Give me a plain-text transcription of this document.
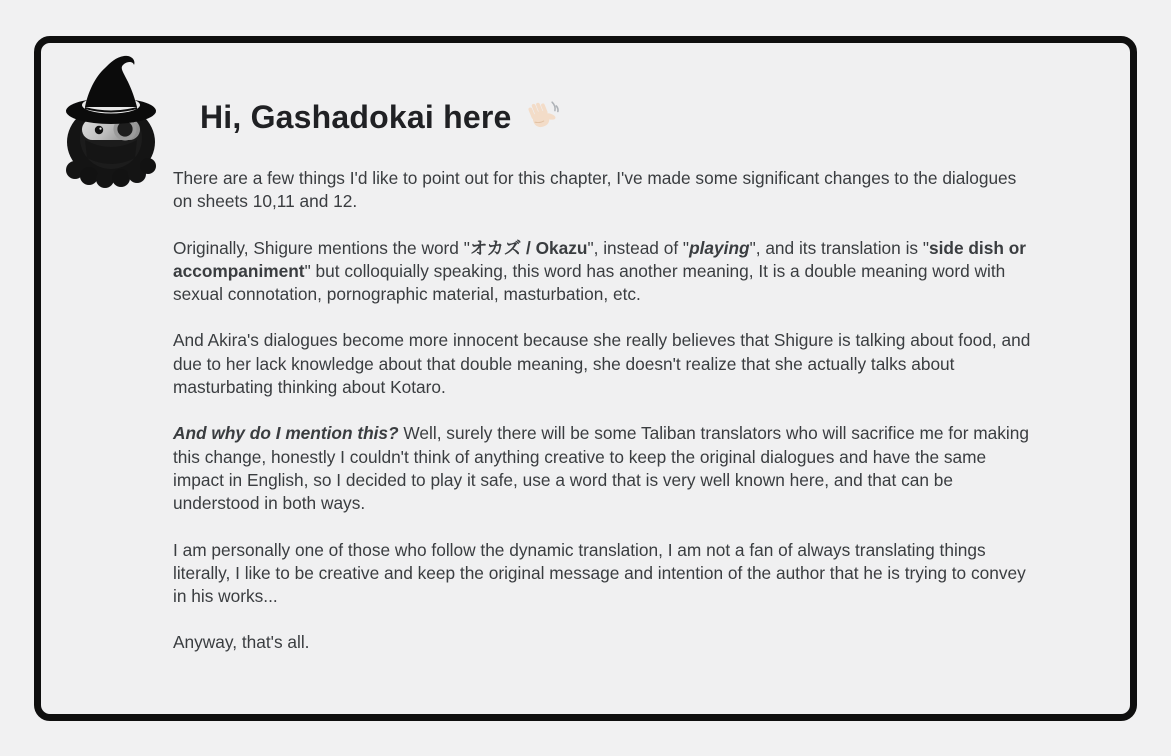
Hi, Gashadokai here

There are a few things I'd like to point out for this chapter, I've made some significant changes to the dialogues on sheets 10,11 and 12.

Originally, Shigure mentions the word "オカズ / Okazu", instead of "playing", and its translation is "side dish or accompaniment" but colloquially speaking, this word has another meaning, It is a double meaning word with sexual connotation, pornographic material, masturbation, etc.

And Akira's dialogues become more innocent because she really believes that Shigure is talking about food, and due to her lack knowledge about that double meaning, she doesn't realize that she actually talks about masturbating thinking about Kotaro.

And why do I mention this? Well, surely there will be some Taliban translators who will sacrifice me for making this change, honestly I couldn't think of anything creative to keep the original dialogues and have the same impact in English, so I decided to play it safe, use a word that is very well known here, and that can be understood in both ways.

I am personally one of those who follow the dynamic translation, I am not a fan of always translating things literally, I like to be creative and keep the original message and intention of the author that he is trying to convey in his works...

Anyway, that's all.
